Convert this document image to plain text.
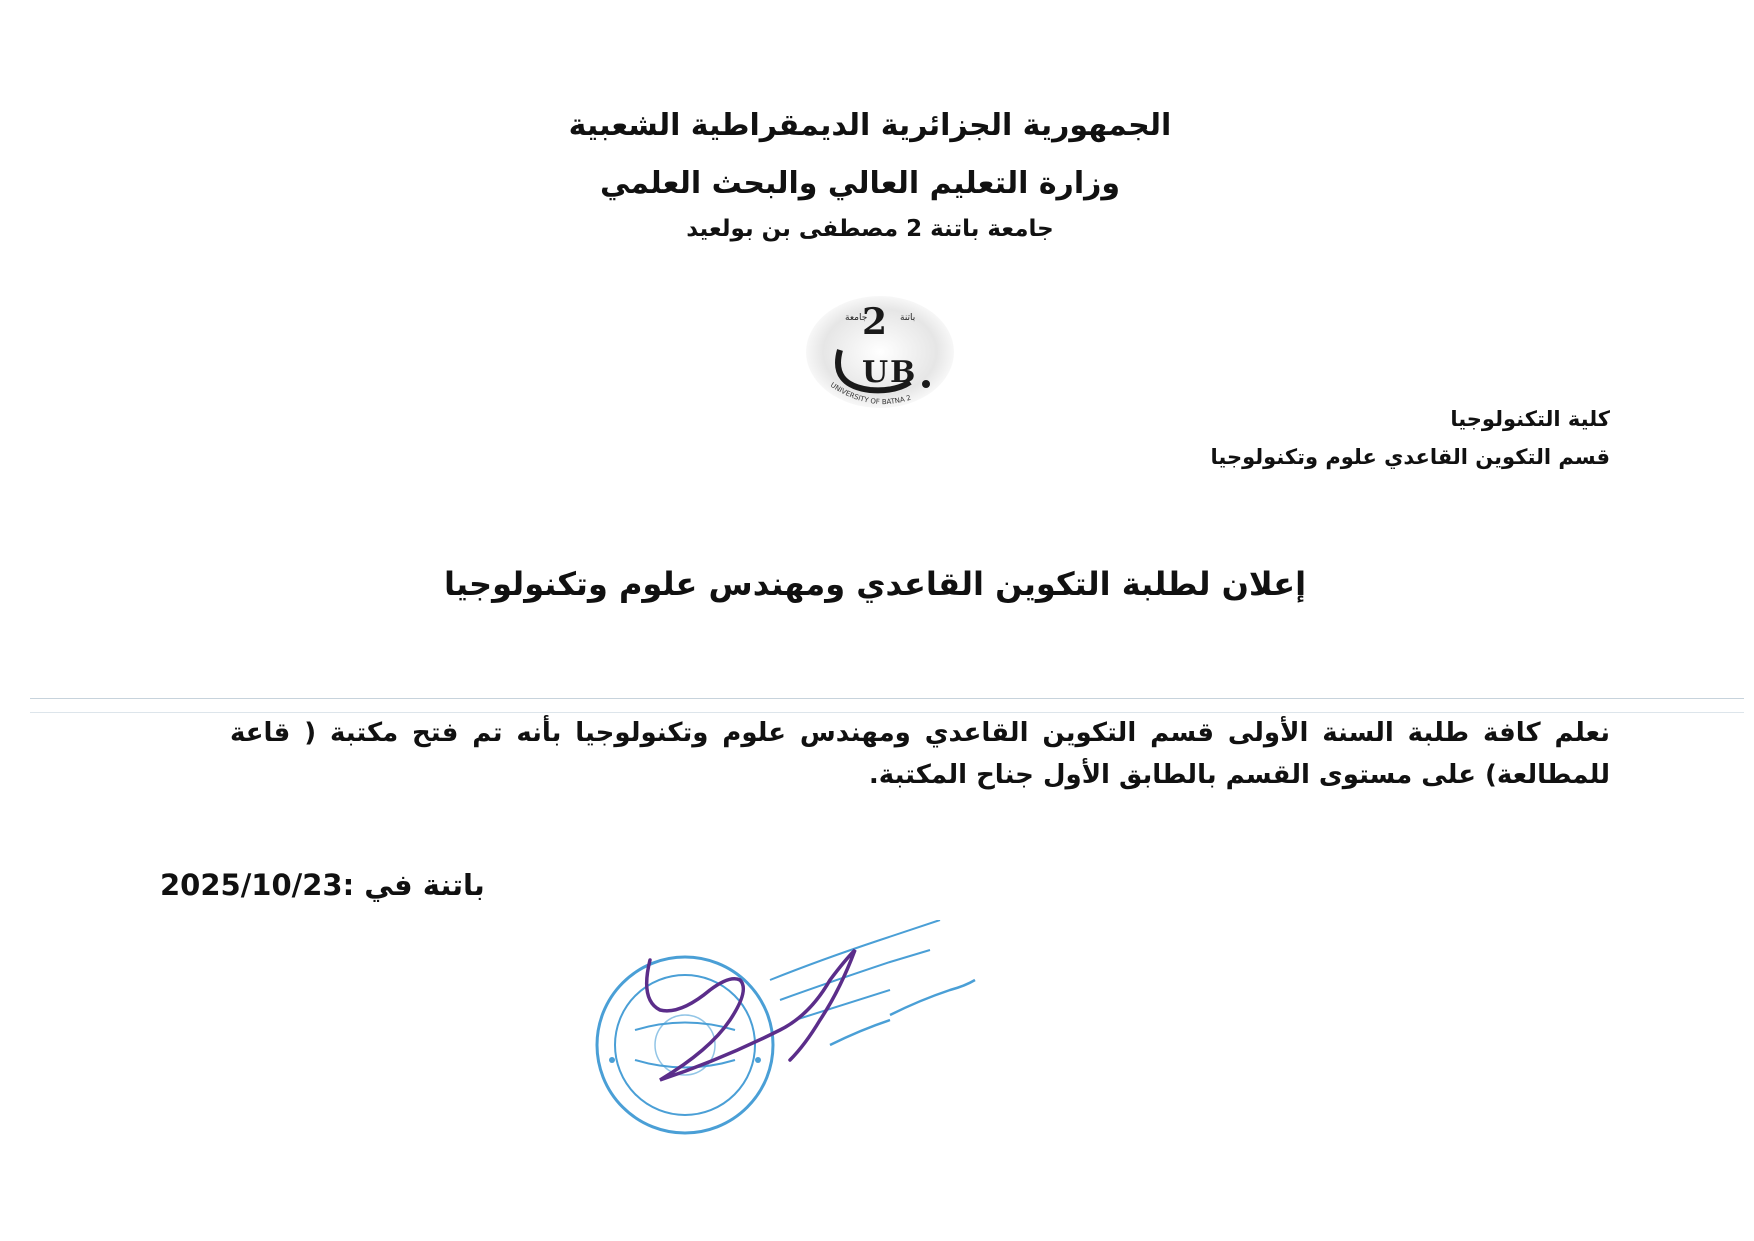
الجمهورية الجزائرية الديمقراطية الشعبية
وزارة التعليم العالي والبحث العلمي
جامعة باتنة 2 مصطفى بن بولعيد
جامعة	باتنة
2
U B
UNIVERSITY OF BATNA 2
كلية التكنولوجيا
قسم التكوين القاعدي علوم وتكنولوجيا
إعلان لطلبة التكوين القاعدي ومهندس علوم وتكنولوجيا
نعلم كافة طلبة السنة الأولى قسم التكوين القاعدي ومهندس علوم وتكنولوجيا بأنه تم فتح مكتبة ( قاعة للمطالعة) على مستوى القسم بالطابق الأول جناح المكتبة.
باتنة في :2025/10/23
